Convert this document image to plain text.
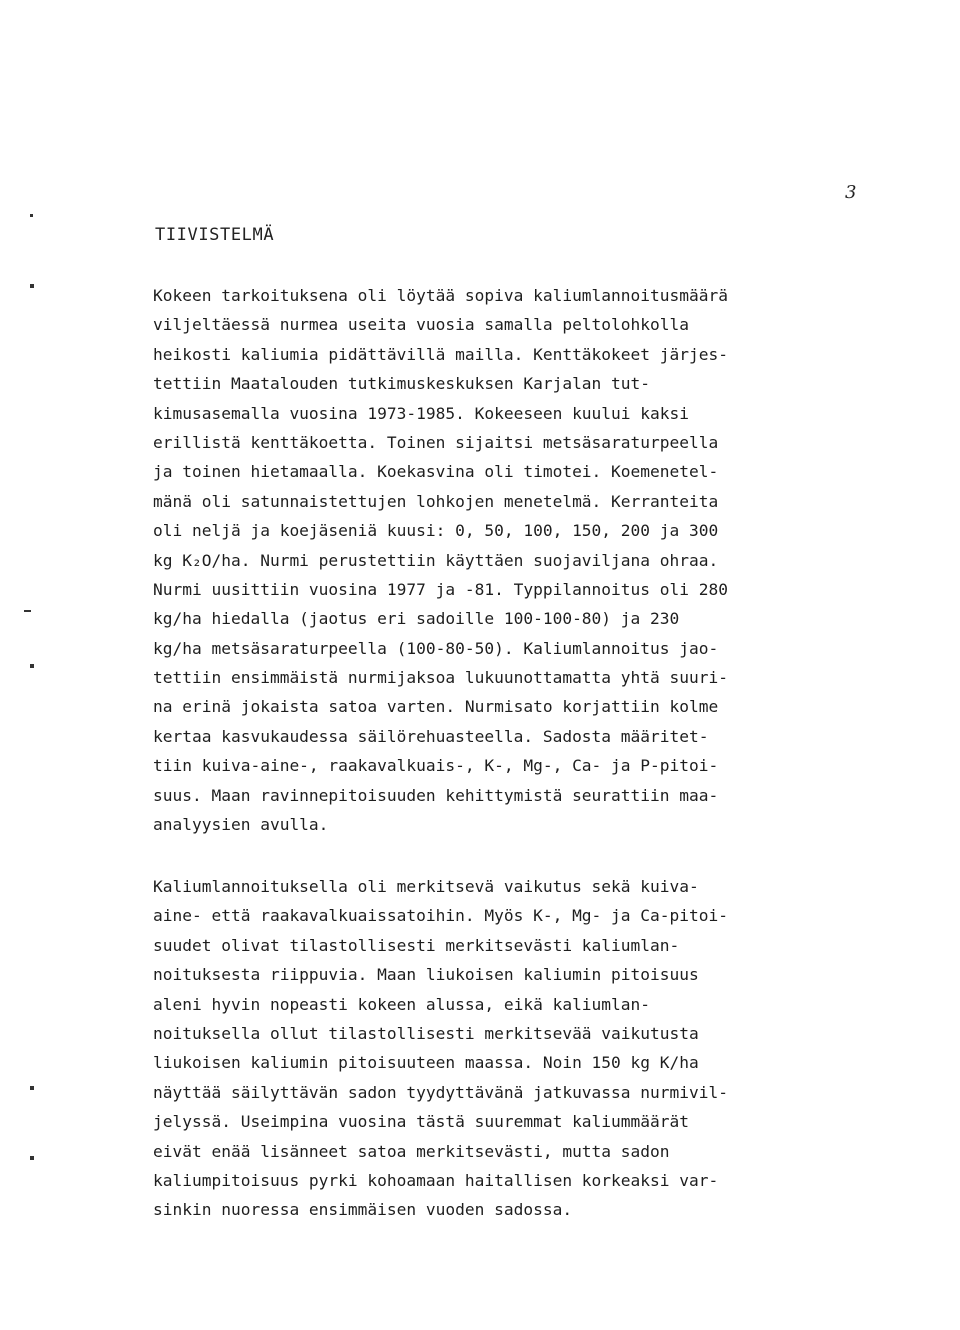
3
TIIVISTELMÄ
Kokeen tarkoituksena oli löytää sopiva kaliumlannoitusmäärä
viljeltäessä nurmea useita vuosia samalla peltolohkolla
heikosti kaliumia pidättävillä mailla. Kenttäkokeet järjes-
tettiin Maatalouden tutkimuskeskuksen Karjalan tut-
kimusasemalla vuosina 1973-1985. Kokeeseen kuului kaksi
erillistä kenttäkoetta. Toinen sijaitsi metsäsaraturpeella
ja toinen hietamaalla. Koekasvina oli timotei. Koemenetel-
mänä oli satunnaistettujen lohkojen menetelmä. Kerranteita
oli neljä ja koejäseniä kuusi: 0, 50, 100, 150, 200 ja 300
kg K₂O/ha. Nurmi perustettiin käyttäen suojaviljana ohraa.
Nurmi uusittiin vuosina 1977 ja -81. Typpilannoitus oli 280
kg/ha hiedalla (jaotus eri sadoille 100-100-80) ja 230
kg/ha metsäsaraturpeella (100-80-50). Kaliumlannoitus jao-
tettiin ensimmäistä nurmijaksoa lukuunottamatta yhtä suuri-
na erinä jokaista satoa varten. Nurmisato korjattiin kolme
kertaa kasvukaudessa säilörehuasteella. Sadosta määritet-
tiin kuiva-aine-, raakavalkuais-, K-, Mg-, Ca- ja P-pitoi-
suus. Maan ravinnepitoisuuden kehittymistä seurattiin maa-
analyysien avulla.
Kaliumlannoituksella oli merkitsevä vaikutus sekä kuiva-
aine- että raakavalkuaissatoihin. Myös K-, Mg- ja Ca-pitoi-
suudet olivat tilastollisesti merkitsevästi kaliumlan-
noituksesta riippuvia. Maan liukoisen kaliumin pitoisuus
aleni hyvin nopeasti kokeen alussa, eikä kaliumlan-
noituksella ollut tilastollisesti merkitsevää vaikutusta
liukoisen kaliumin pitoisuuteen maassa. Noin 150 kg K/ha
näyttää säilyttävän sadon tyydyttävänä jatkuvassa nurmivil-
jelyssä. Useimpina vuosina tästä suuremmat kaliummäärät
eivät enää lisänneet satoa merkitsevästi, mutta sadon
kaliumpitoisuus pyrki kohoamaan haitallisen korkeaksi var-
sinkin nuoressa ensimmäisen vuoden sadossa.
